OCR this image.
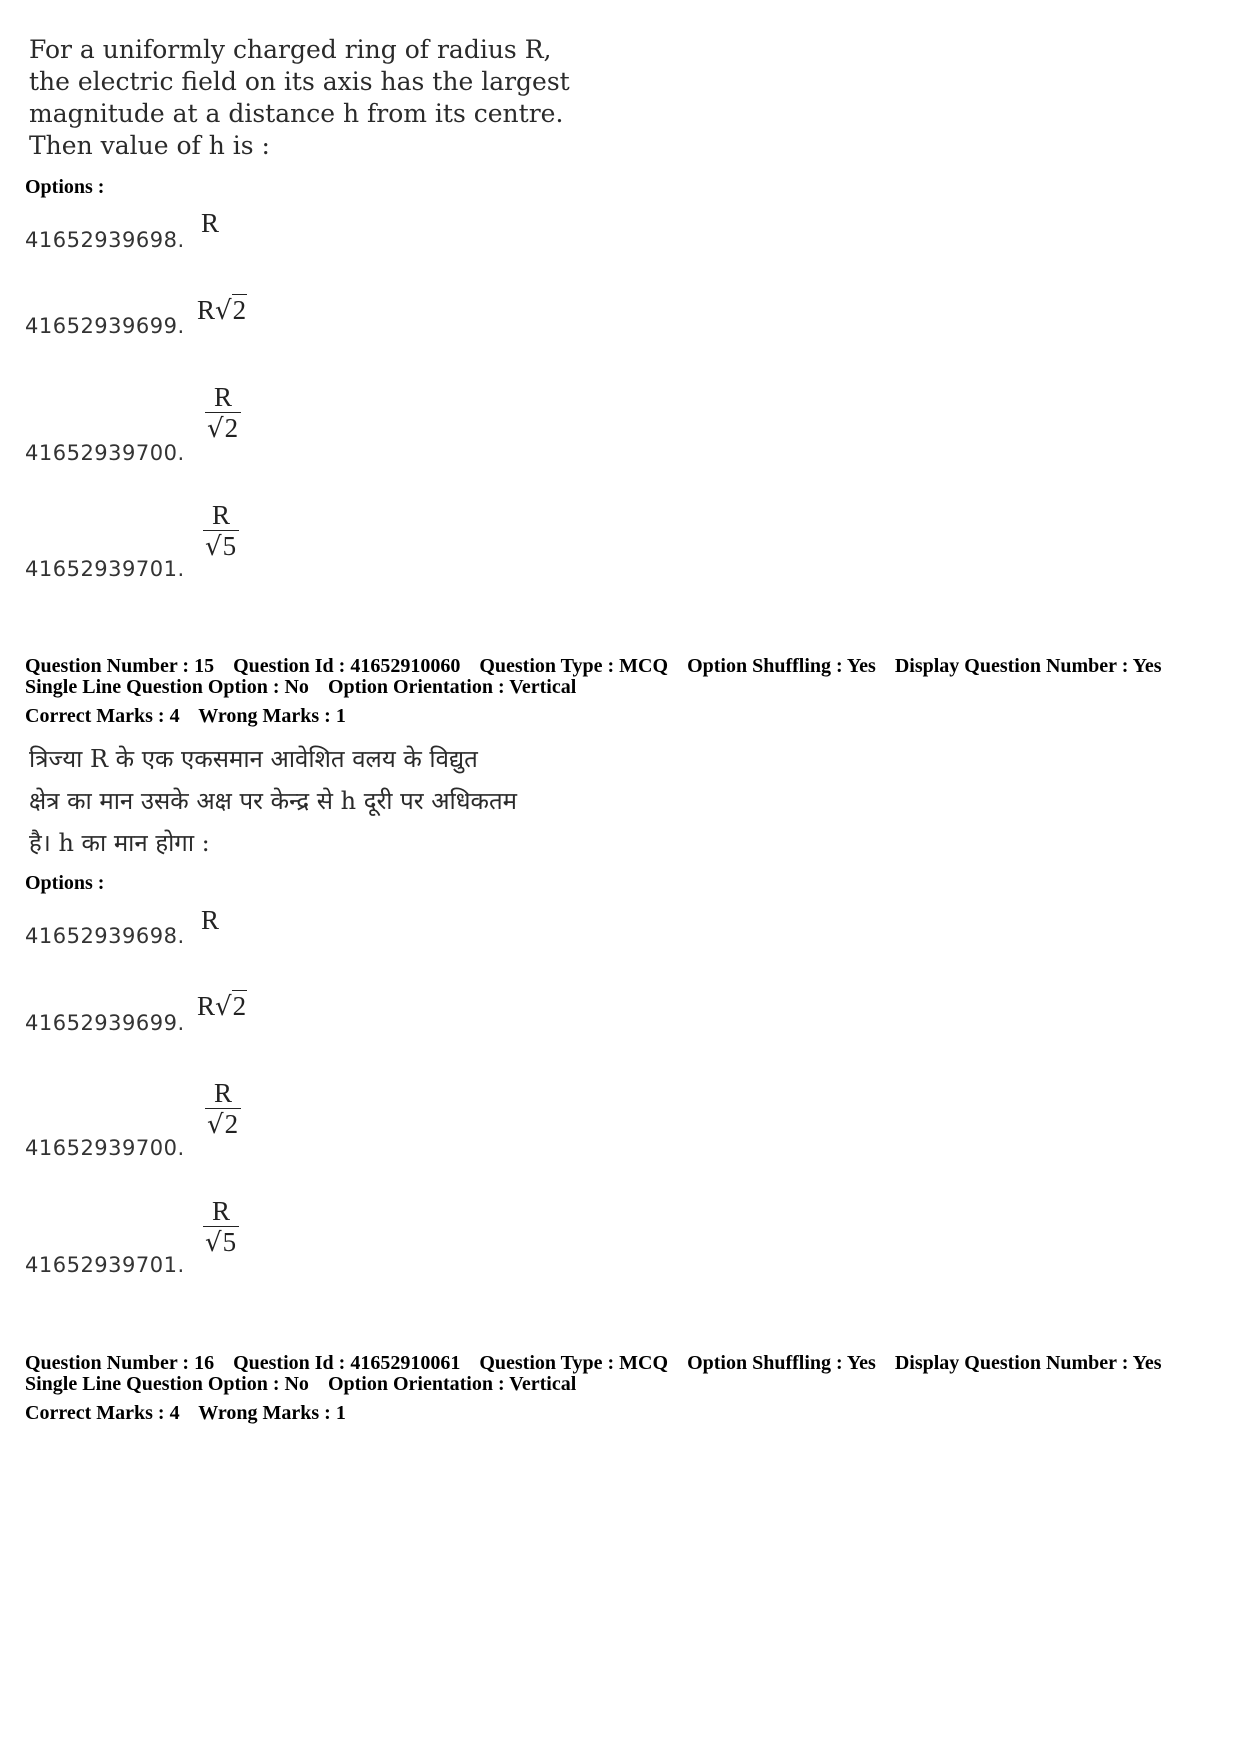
For a uniformly charged ring of radius R,
the electric field on its axis has the largest
magnitude at a distance h from its centre.
Then value of h is :
Options :
41652939698.
R
41652939699.
R√2
41652939700.
$\frac{R}{√2}$
41652939701.
$\frac{R}{√5}$
Question Number : 15 Question Id : 41652910060 Question Type : MCQ Option Shuffling : Yes Display Question Number : Yes
Single Line Question Option : No Option Orientation : Vertical
Correct Marks : 4 Wrong Marks : 1
त्रिज्या R के एक एकसमान आवेशित वलय के विद्युत
क्षेत्र का मान उसके अक्ष पर केन्द्र से h दूरी पर अधिकतम
है। h का मान होगा :
Options :
41652939698.
R
41652939699.
R√2
41652939700.
$\frac{R}{√2}$
41652939701.
$\frac{R}{√5}$
Question Number : 16 Question Id : 41652910061 Question Type : MCQ Option Shuffling : Yes Display Question Number : Yes
Single Line Question Option : No Option Orientation : Vertical
Correct Marks : 4 Wrong Marks : 1
